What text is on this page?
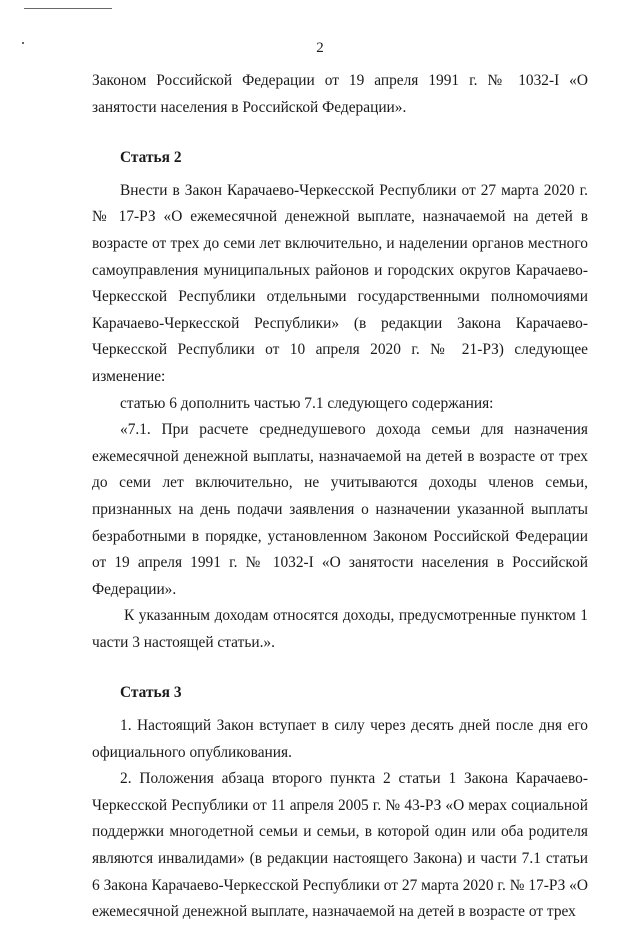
2

Законом Российской Федерации от 19 апреля 1991 г. № 1032-I «О занятости населения в Российской Федерации».

Статья 2

Внести в Закон Карачаево-Черкесской Республики от 27 марта 2020 г. № 17-РЗ «О ежемесячной денежной выплате, назначаемой на детей в возрасте от трех до семи лет включительно, и наделении органов местного самоуправления муниципальных районов и городских округов Карачаево-Черкесской Республики отдельными государственными полномочиями Карачаево-Черкесской Республики» (в редакции Закона Карачаево-Черкесской Республики от 10 апреля 2020 г. № 21-РЗ) следующее изменение:

статью 6 дополнить частью 7.1 следующего содержания:

«7.1. При расчете среднедушевого дохода семьи для назначения ежемесячной денежной выплаты, назначаемой на детей в возрасте от трех до семи лет включительно, не учитываются доходы членов семьи, признанных на день подачи заявления о назначении указанной выплаты безработными в порядке, установленном Законом Российской Федерации от 19 апреля 1991 г. № 1032-I «О занятости населения в Российской Федерации».

К указанным доходам относятся доходы, предусмотренные пунктом 1 части 3 настоящей статьи.».

Статья 3

1. Настоящий Закон вступает в силу через десять дней после дня его официального опубликования.

2. Положения абзаца второго пункта 2 статьи 1 Закона Карачаево-Черкесской Республики от 11 апреля 2005 г. № 43-РЗ «О мерах социальной поддержки многодетной семьи и семьи, в которой один или оба родителя являются инвалидами» (в редакции настоящего Закона) и части 7.1 статьи 6 Закона Карачаево-Черкесской Республики от 27 марта 2020 г. № 17-РЗ «О ежемесячной денежной выплате, назначаемой на детей в возрасте от трех
